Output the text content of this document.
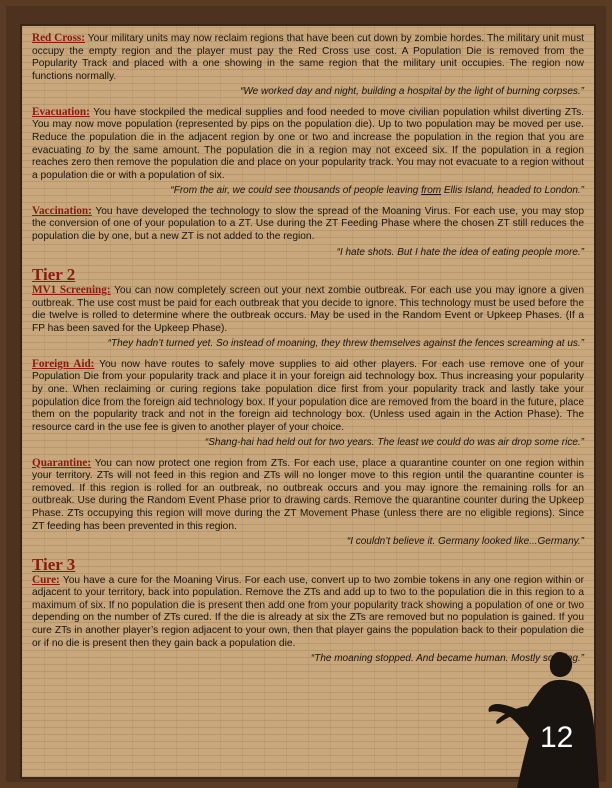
Red Cross: Your military units may now reclaim regions that have been cut down by zombie hordes. The military unit must occupy the empty region and the player must pay the Red Cross use cost. A Population Die is removed from the Popularity Track and placed with a one showing in the same region that the military unit occupies. The region now functions normally.

“We worked day and night, building a hospital by the light of burning corpses.”

Evacuation: You have stockpiled the medical supplies and food needed to move civilian population whilst diverting ZTs. You may now move population (represented by pips on the population die). Up to two population may be moved per use. Reduce the population die in the adjacent region by one or two and increase the population in the region that you are evacuating to by the same amount. The population die in a region may not exceed six. If the population in a region reaches zero then remove the population die and place on your popularity track. You may not evacuate to a region without a population die or with a population of six.

“From the air, we could see thousands of people leaving from Ellis Island, headed to London.”

Vaccination: You have developed the technology to slow the spread of the Moaning Virus. For each use, you may stop the conversion of one of your population to a ZT. Use during the ZT Feeding Phase where the chosen ZT still reduces the population die by one, but a new ZT is not added to the region.

“I hate shots. But I hate the idea of eating people more.”

Tier 2

MV1 Screening: You can now completely screen out your next zombie outbreak. For each use you may ignore a given outbreak. The use cost must be paid for each outbreak that you decide to ignore. This technology must be used before the die twelve is rolled to determine where the outbreak occurs. May be used in the Random Event or Upkeep Phases. (If a FP has been saved for the Upkeep Phase).

“They hadn’t turned yet. So instead of moaning, they threw themselves against the fences screaming at us.”

Foreign Aid: You now have routes to safely move supplies to aid other players. For each use remove one of your Population Die from your popularity track and place it in your foreign aid technology box. Thus increasing your popularity by one. When reclaiming or curing regions take population dice first from your popularity track and lastly take your population dice from the foreign aid technology box. If your population dice are removed from the board in the future, place them on the popularity track and not in the foreign aid technology box. (Unless used again in the Action Phase). The resource card in the use fee is given to another player of your choice.

“Shang-hai had held out for two years. The least we could do was air drop some rice.”

Quarantine: You can now protect one region from ZTs. For each use, place a quarantine counter on one region within your territory. ZTs will not feed in this region and ZTs will no longer move to this region until the quarantine counter is removed. If this region is rolled for an outbreak, no outbreak occurs and you may ignore the remaining rolls for an outbreak. Use during the Random Event Phase prior to drawing cards. Remove the quarantine counter during the Upkeep Phase. ZTs occupying this region will move during the ZT Movement Phase (unless there are no eligible regions). Since ZT feeding has been prevented in this region.

“I couldn’t believe it. Germany looked like...Germany.”

Tier 3

Cure: You have a cure for the Moaning Virus. For each use, convert up to two zombie tokens in any one region within or adjacent to your territory, back into population. Remove the ZTs and add up to two to the population die in this region to a maximum of six. If no population die is present then add one from your popularity track showing a population of one or two depending on the number of ZTs cured. If the die is already at six the ZTs are removed but no population is gained. If you cure ZTs in another player’s region adjacent to your own, then that player gains the population back to their population die or if no die is present then they gain back a population die.

“The moaning stopped. And became human. Mostly sobbing.”

12
